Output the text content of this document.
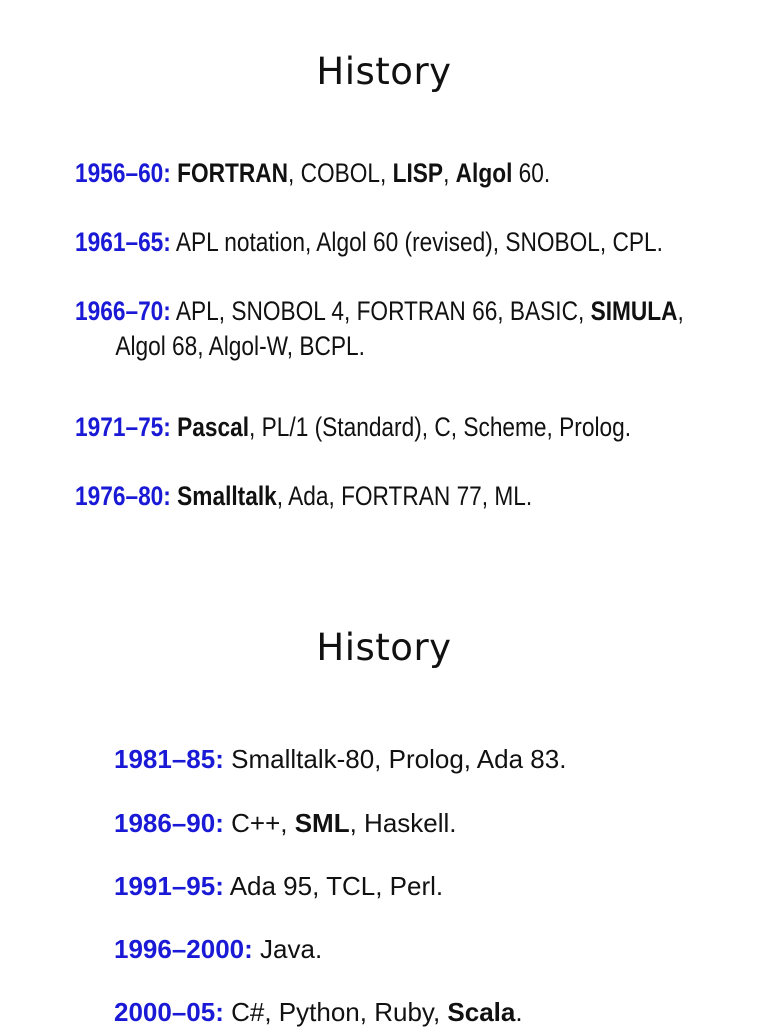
History
1956–60: FORTRAN, COBOL, LISP, Algol 60.
1961–65: APL notation, Algol 60 (revised), SNOBOL, CPL.
1966–70: APL, SNOBOL 4, FORTRAN 66, BASIC, SIMULA,
Algol 68, Algol-W, BCPL.
1971–75: Pascal, PL/1 (Standard), C, Scheme, Prolog.
1976–80: Smalltalk, Ada, FORTRAN 77, ML.
History
1981–85: Smalltalk-80, Prolog, Ada 83.
1986–90: C++, SML, Haskell.
1991–95: Ada 95, TCL, Perl.
1996–2000: Java.
2000–05: C#, Python, Ruby, Scala.
